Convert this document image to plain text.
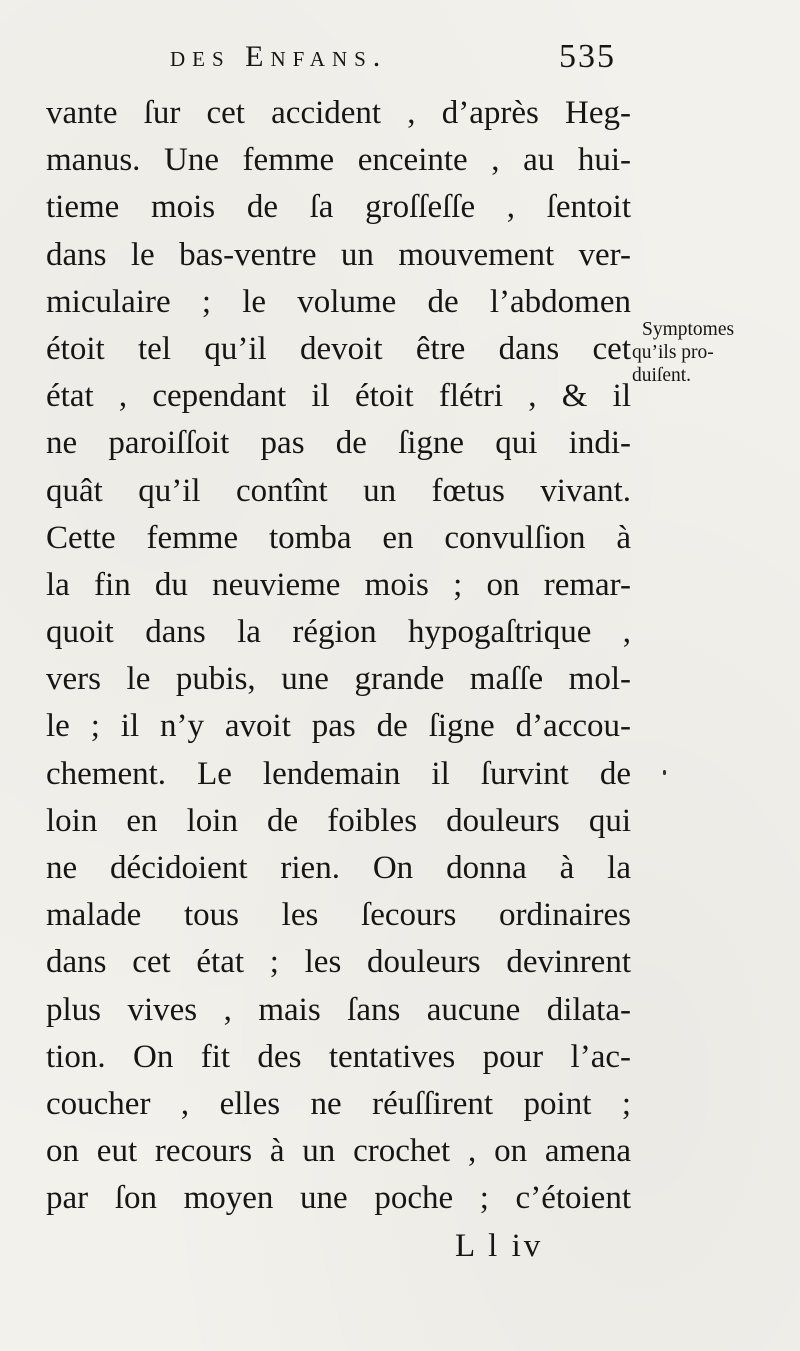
des Enfans.	535
vante ſur cet accident , d’après Heg-
manus. Une femme enceinte , au hui-
tieme mois de ſa groſſeſſe , ſentoit
dans le bas-ventre un mouvement ver-
miculaire ; le volume de l’abdomen
étoit tel qu’il devoit être dans cet
état , cependant il étoit flétri , & il
ne paroiſſoit pas de ſigne qui indi-
quât qu’il contînt un fœtus vivant.
Cette femme tomba en convulſion à
la fin du neuvieme mois ; on remar-
quoit dans la région hypogaſtrique ,
vers le pubis, une grande maſſe mol-
le ; il n’y avoit pas de ſigne d’accou-
chement. Le lendemain il ſurvint de
loin en loin de foibles douleurs qui
ne décidoient rien. On donna à la
malade tous les ſecours ordinaires
dans cet état ; les douleurs devinrent
plus vives , mais ſans aucune dilata-
tion. On fit des tentatives pour l’ac-
coucher , elles ne réuſſirent point ;
on eut recours à un crochet , on amena
par ſon moyen une poche ; c’étoient
Symptomes
qu’ils pro-
duiſent.
L l iv
